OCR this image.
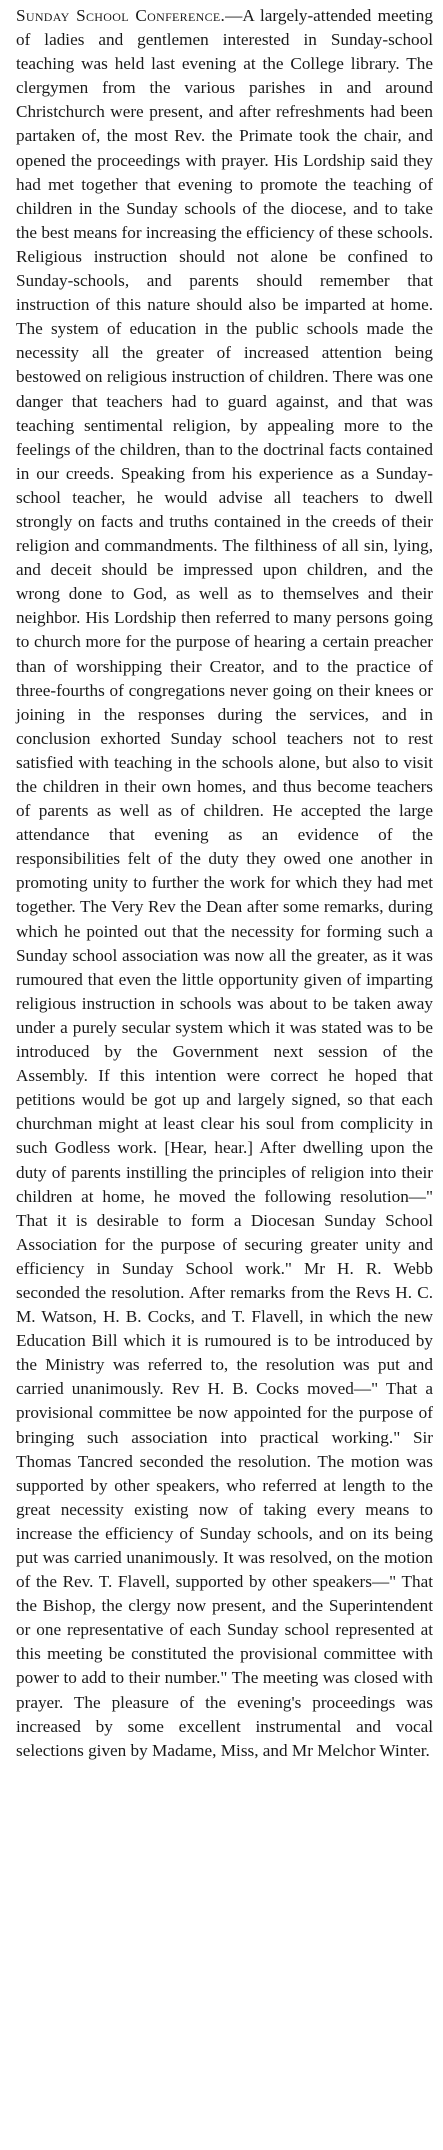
Sunday School Conference.—A largely-attended meeting of ladies and gentlemen interested in Sunday-school teaching was held last evening at the College library. The clergymen from the various parishes in and around Christchurch were present, and after refreshments had been partaken of, the most Rev. the Primate took the chair, and opened the proceedings with prayer. His Lordship said they had met together that evening to promote the teaching of children in the Sunday schools of the diocese, and to take the best means for increasing the efficiency of these schools. Religious instruction should not alone be confined to Sunday-schools, and parents should remember that instruction of this nature should also be imparted at home. The system of education in the public schools made the necessity all the greater of increased attention being bestowed on religious instruction of children. There was one danger that teachers had to guard against, and that was teaching sentimental religion, by appealing more to the feelings of the children, than to the doctrinal facts contained in our creeds. Speaking from his experience as a Sunday-school teacher, he would advise all teachers to dwell strongly on facts and truths contained in the creeds of their religion and commandments. The filthiness of all sin, lying, and deceit should be impressed upon children, and the wrong done to God, as well as to themselves and their neighbor. His Lordship then referred to many persons going to church more for the purpose of hearing a certain preacher than of worshipping their Creator, and to the practice of three-fourths of congregations never going on their knees or joining in the responses during the services, and in conclusion exhorted Sunday school teachers not to rest satisfied with teaching in the schools alone, but also to visit the children in their own homes, and thus become teachers of parents as well as of children. He accepted the large attendance that evening as an evidence of the responsibilities felt of the duty they owed one another in promoting unity to further the work for which they had met together. The Very Rev the Dean after some remarks, during which he pointed out that the necessity for forming such a Sunday school association was now all the greater, as it was rumoured that even the little opportunity given of imparting religious instruction in schools was about to be taken away under a purely secular system which it was stated was to be introduced by the Government next session of the Assembly. If this intention were correct he hoped that petitions would be got up and largely signed, so that each churchman might at least clear his soul from complicity in such Godless work. [Hear, hear.] After dwelling upon the duty of parents instilling the principles of religion into their children at home, he moved the following resolution—" That it is desirable to form a Diocesan Sunday School Association for the purpose of securing greater unity and efficiency in Sunday School work." Mr H. R. Webb seconded the resolution. After remarks from the Revs H. C. M. Watson, H. B. Cocks, and T. Flavell, in which the new Education Bill which it is rumoured is to be introduced by the Ministry was referred to, the resolution was put and carried unanimously. Rev H. B. Cocks moved—" That a provisional committee be now appointed for the purpose of bringing such association into practical working." Sir Thomas Tancred seconded the resolution. The motion was supported by other speakers, who referred at length to the great necessity existing now of taking every means to increase the efficiency of Sunday schools, and on its being put was carried unanimously. It was resolved, on the motion of the Rev. T. Flavell, supported by other speakers—" That the Bishop, the clergy now present, and the Superintendent or one representative of each Sunday school represented at this meeting be constituted the provisional committee with power to add to their number." The meeting was closed with prayer. The pleasure of the evening's proceedings was increased by some excellent instrumental and vocal selections given by Madame, Miss, and Mr Melchor Winter.
